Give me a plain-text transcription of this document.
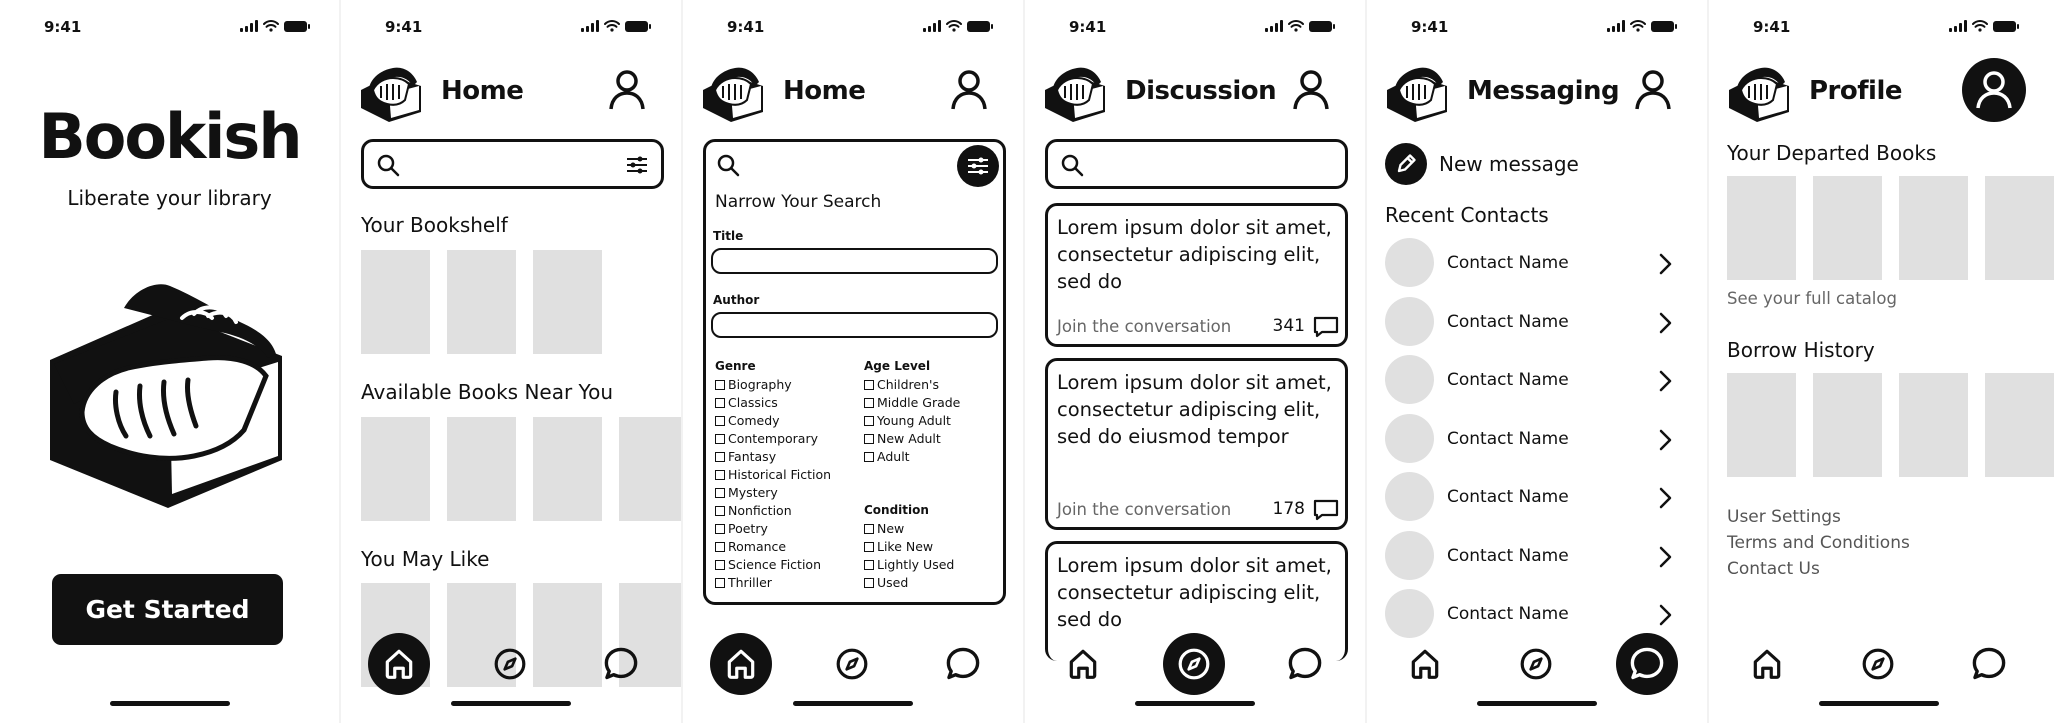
9:41
Bookish
Liberate your library
Get Started
9:41
Home
Your Bookshelf
Available Books Near You
You May Like
9:41
Home
Narrow Your Search
Title
Author
Genre
Biography
Classics
Comedy
Contemporary
Fantasy
Historical Fiction
Mystery
Nonfiction
Poetry
Romance
Science Fiction
Thriller
Age Level
Children's
Middle Grade
Young Adult
New Adult
Adult
Condition
New
Like New
Lightly Used
Used
9:41
Discussion
Lorem ipsum dolor sit amet, consectetur adipiscing elit, sed do
Join the conversation 341
Lorem ipsum dolor sit amet, consectetur adipiscing elit, sed do eiusmod tempor
Join the conversation 178
Lorem ipsum dolor sit amet, consectetur adipiscing elit, sed do
9:41
Messaging
New message
Recent Contacts
Contact Name
Contact Name
Contact Name
Contact Name
Contact Name
Contact Name
Contact Name
9:41
Profile
Your Departed Books
See your full catalog
Borrow History
User Settings
Terms and Conditions
Contact Us
